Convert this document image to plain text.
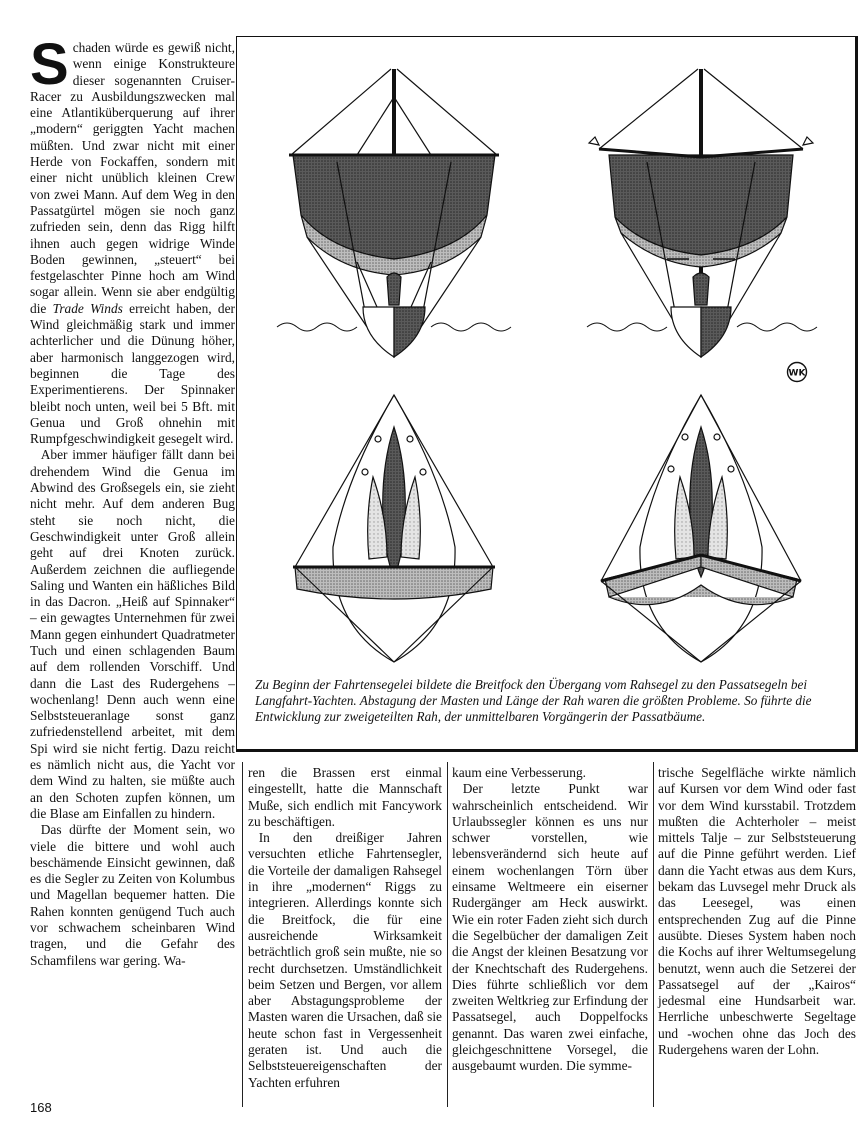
Schaden würde es gewiß nicht, wenn einige Konstrukteure dieser sogenannten Cruiser-Racer zu Ausbildungszwecken mal eine Atlantiküberquerung auf ihrer „modern“ geriggten Yacht machen müßten. Und zwar nicht mit einer Herde von Fockaffen, sondern mit einer nicht unüblich kleinen Crew von zwei Mann. Auf dem Weg in den Passatgürtel mögen sie noch ganz zufrieden sein, denn das Rigg hilft ihnen auch gegen widrige Winde Boden gewinnen, „steuert“ bei festgelaschter Pinne hoch am Wind sogar allein. Wenn sie aber endgültig die Trade Winds erreicht haben, der Wind gleichmäßig stark und immer achterlicher und die Dünung höher, aber harmonisch langgezogen wird, beginnen die Tage des Experimentierens. Der Spinnaker bleibt noch unten, weil bei 5 Bft. mit Genua und Groß ohnehin mit Rumpfgeschwindigkeit gesegelt wird.

Aber immer häufiger fällt dann bei drehendem Wind die Genua im Abwind des Großsegels ein, sie zieht nicht mehr. Auf dem anderen Bug steht sie noch nicht, die Geschwindigkeit unter Groß allein geht auf drei Knoten zurück. Außerdem zeichnen die aufliegende Saling und Wanten ein häßliches Bild in das Dacron. „Heiß auf Spinnaker“ – ein gewagtes Unternehmen für zwei Mann gegen einhundert Quadratmeter Tuch und einen schlagenden Baum auf dem rollenden Vorschiff. Und dann die Last des Rudergehens – wochenlang! Denn auch wenn eine Selbststeueranlage sonst ganz zufriedenstellend arbeitet, mit dem Spi wird sie nicht fertig. Dazu reicht es nämlich nicht aus, die Yacht vor dem Wind zu halten, sie müßte auch an den Schoten zupfen können, um die Blase am Einfallen zu hindern.

Das dürfte der Moment sein, wo viele die bittere und wohl auch beschämende Einsicht gewinnen, daß es die Segler zu Zeiten von Kolumbus und Magellan bequemer hatten. Die Rahen konnten genügend Tuch auch vor schwachem scheinbaren Wind tragen, und die Gefahr des Schamfilens war gering. Wa-

WK
Zu Beginn der Fahrtensegelei bildete die Breitfock den Übergang vom Rahsegel zu den Passatsegeln bei Langfahrt-Yachten. Abstagung der Masten und Länge der Rah waren die größten Probleme. So führte die Entwicklung zur zweigeteilten Rah, der unmittelbaren Vorgängerin der Passatbäume.

ren die Brassen erst einmal eingestellt, hatte die Mannschaft Muße, sich endlich mit Fancywork zu beschäftigen.

In den dreißiger Jahren versuchten etliche Fahrtensegler, die Vorteile der damaligen Rahsegel in ihre „modernen“ Riggs zu integrieren. Allerdings konnte sich die Breitfock, die für eine ausreichende Wirksamkeit beträchtlich groß sein mußte, nie so recht durchsetzen. Umständlichkeit beim Setzen und Bergen, vor allem aber Abstagungsprobleme der Masten waren die Ursachen, daß sie heute schon fast in Vergessenheit geraten ist. Und auch die Selbststeuereigenschaften der Yachten erfuhren

kaum eine Verbesserung.

Der letzte Punkt war wahrscheinlich entscheidend. Wir Urlaubssegler können es uns nur schwer vorstellen, wie lebensverändernd sich heute auf einem wochenlangen Törn über einsame Weltmeere ein eiserner Rudergänger am Heck auswirkt. Wie ein roter Faden zieht sich durch die Segelbücher der damaligen Zeit die Angst der kleinen Besatzung vor der Knechtschaft des Rudergehens. Dies führte schließlich vor dem zweiten Weltkrieg zur Erfindung der Passatsegel, auch Doppelfocks genannt. Das waren zwei einfache, gleichgeschnittene Vorsegel, die ausgebaumt wurden. Die symme-

trische Segelfläche wirkte nämlich auf Kursen vor dem Wind oder fast vor dem Wind kursstabil. Trotzdem mußten die Achterholer – meist mittels Talje – zur Selbststeuerung auf die Pinne geführt werden. Lief dann die Yacht etwas aus dem Kurs, bekam das Luvsegel mehr Druck als das Leesegel, was einen entsprechenden Zug auf die Pinne ausübte. Dieses System haben noch die Kochs auf ihrer Weltumsegelung benutzt, wenn auch die Setzerei der Passatsegel auf der „Kairos“ jedesmal eine Hundsarbeit war. Herrliche unbeschwerte Segeltage und -wochen ohne das Joch des Rudergehens waren der Lohn.

168
